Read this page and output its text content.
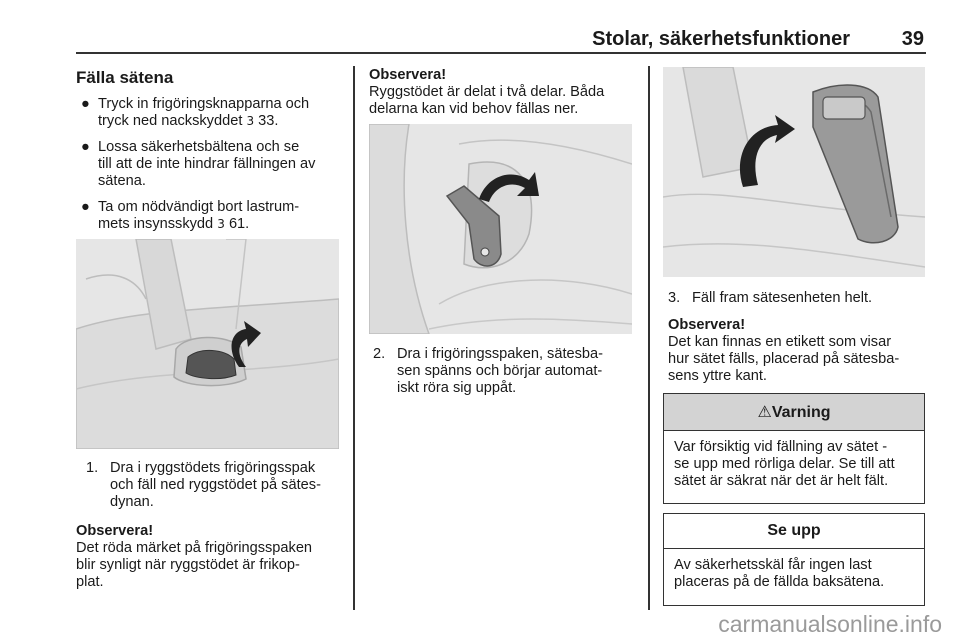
Stolar, säkerhetsfunktioner	39
Fälla sätena
● Tryck in frigöringsknapparna och
tryck ned nackskyddet 3 33.
● Lossa säkerhetsbältena och se
till att de inte hindrar fällningen av
sätena.
● Ta om nödvändigt bort lastrum-
mets insynsskydd 3 61.
1. Dra i ryggstödets frigöringsspak
och fäll ned ryggstödet på sätes-
dynan.
Observera!
Det röda märket på frigöringsspaken
blir synligt när ryggstödet är frikop-
plat.
Observera!
Ryggstödet är delat i två delar. Båda
delarna kan vid behov fällas ner.
2. Dra i frigöringsspaken, sätesba-
sen spänns och börjar automat-
iskt röra sig uppåt.
3. Fäll fram sätesenheten helt.
Observera!
Det kan finnas en etikett som visar
hur sätet fälls, placerad på sätesba-
sens yttre kant.
⚠Varning
Var försiktig vid fällning av sätet -
se upp med rörliga delar. Se till att
sätet är säkrat när det är helt fält.
Se upp
Av säkerhetsskäl får ingen last
placeras på de fällda baksätena.
carmanualsonline.info
